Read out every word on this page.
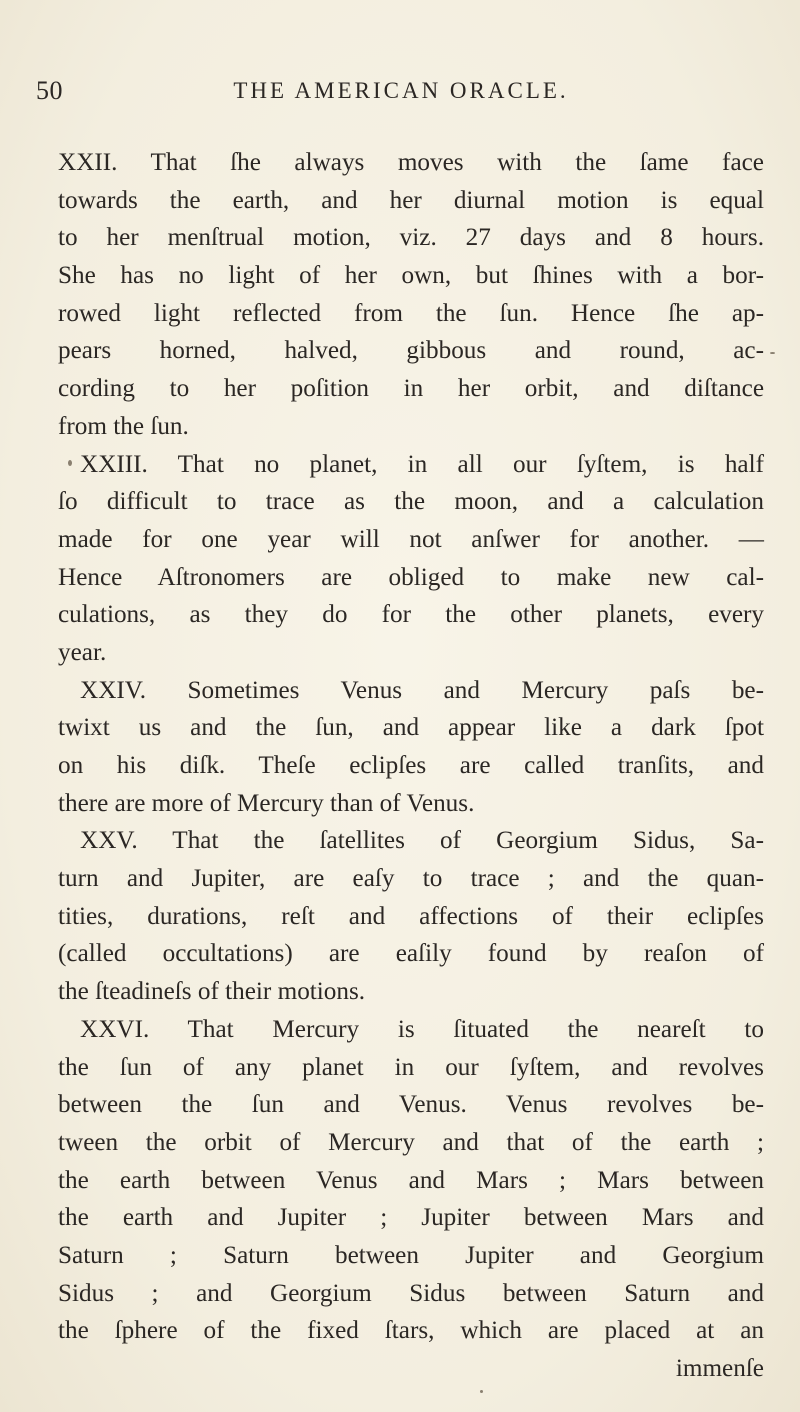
50	THE AMERICAN ORACLE.
XXII. That ſhe always moves with the ſame face
towards the earth, and her diurnal motion is equal
to her menſtrual motion, viz. 27 days and 8 hours.
She has no light of her own, but ſhines with a bor-
rowed light reflected from the ſun. Hence ſhe ap-
pears horned, halved, gibbous and round, ac-
cording to her poſition in her orbit, and diſtance
from the ſun.
XXIII. That no planet, in all our ſyſtem, is half
ſo difficult to trace as the moon, and a calculation
made for one year will not anſwer for another. —
Hence Aſtronomers are obliged to make new cal-
culations, as they do for the other planets, every
year.
XXIV. Sometimes Venus and Mercury paſs be-
twixt us and the ſun, and appear like a dark ſpot
on his diſk. Theſe eclipſes are called tranſits, and
there are more of Mercury than of Venus.
XXV. That the ſatellites of Georgium Sidus, Sa-
turn and Jupiter, are eaſy to trace ; and the quan-
tities, durations, reſt and affections of their eclipſes
(called occultations) are eaſily found by reaſon of
the ſteadineſs of their motions.
XXVI. That Mercury is ſituated the neareſt to
the ſun of any planet in our ſyſtem, and revolves
between the ſun and Venus. Venus revolves be-
tween the orbit of Mercury and that of the earth ;
the earth between Venus and Mars ; Mars between
the earth and Jupiter ; Jupiter between Mars and
Saturn ; Saturn between Jupiter and Georgium
Sidus ; and Georgium Sidus between Saturn and
the ſphere of the fixed ſtars, which are placed at an
immenſe
